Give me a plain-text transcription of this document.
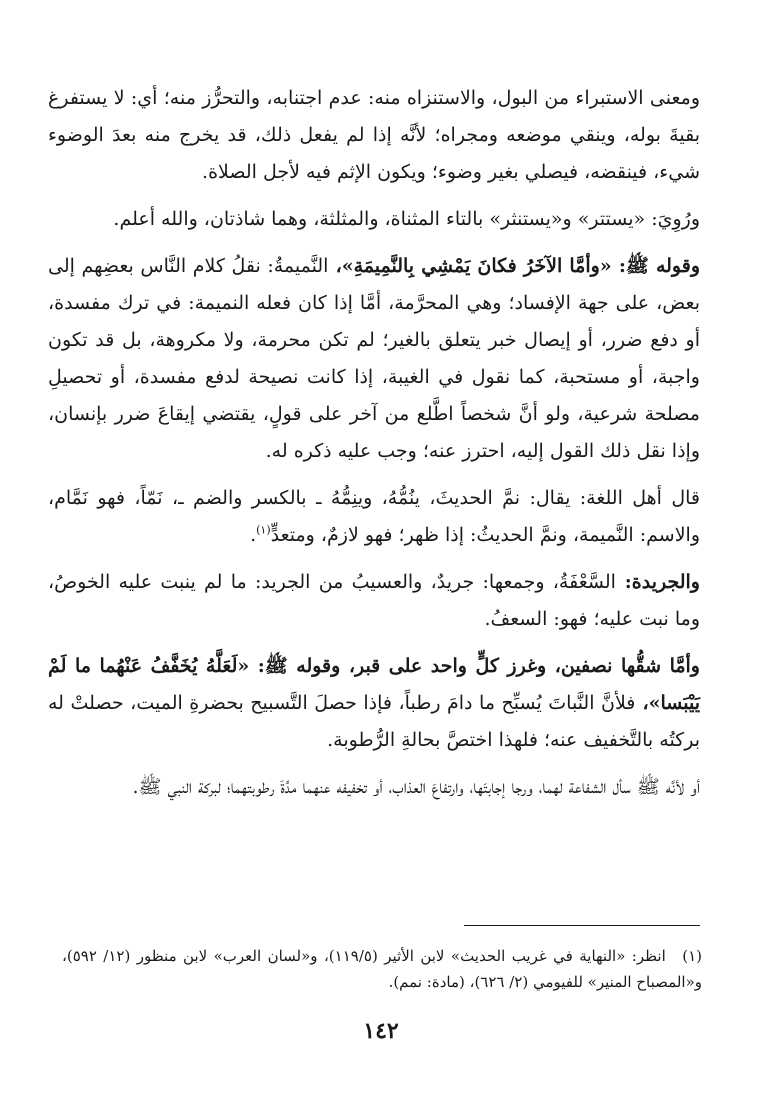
ومعنى الاستبراء من البول، والاستنزاه منه: عدم اجتنابه، والتحرُّز منه؛ أي: لا يستفرغ بقيةَ بوله، وينقي موضعه ومجراه؛ لأنَّه إذا لم يفعل ذلك، قد يخرج منه بعدَ الوضوء شيء، فينقضه، فيصلي بغير وضوء؛ ويكون الإثم فيه لأجل الصلاة.

ورُوِيَ: «يستتر» و«يستنثر» بالتاء المثناة، والمثلثة، وهما شاذتان، والله أعلم.

وقوله ﷺ: «وأمَّا الآخَرُ فكانَ يَمْشِي بِالنَّمِيمَةِ»، النَّميمةُ: نقلُ كلام النَّاس بعضِهم إلى بعض، على جهة الإفساد؛ وهي المحرَّمة، أمَّا إذا كان فعله النميمة: في ترك مفسدة، أو دفع ضرر، أو إيصال خبر يتعلق بالغير؛ لم تكن محرمة، ولا مكروهة، بل قد تكون واجبة، أو مستحبة، كما نقول في الغيبة، إذا كانت نصيحة لدفع مفسدة، أو تحصيلِ مصلحة شرعية، ولو أنَّ شخصاً اطَّلع من آخر على قولٍ، يقتضي إيقاعَ ضرر بإنسان، وإذا نقل ذلك القول إليه، احترز عنه؛ وجب عليه ذكره له.

قال أهل اللغة: يقال: نمَّ الحديثَ، ينُمُّهُ، وينِمُّهُ ـ بالكسر والضم ـ، نَمّاً، فهو نَمَّام، والاسم: النَّميمة، ونمَّ الحديثُ: إذا ظهر؛ فهو لازمٌ، ومتعدٍّ$^{(١)}$.

والجريدة: السَّعْفَةُ، وجمعها: جريدٌ، والعسيبُ من الجريد: ما لم ينبت عليه الخوصُ، وما نبت عليه؛ فهو: السعفُ.

وأمَّا شقُّها نصفين، وغرز كلٍّ واحد على قبر، وقوله ﷺ: «لَعَلَّهُ يُخَفَّفُ عَنْهُما ما لَمْ يَيْبَسا»، فلأنَّ النَّباتَ يُسبِّح ما دامَ رطباً، فإذا حصلَ التَّسبيح بحضرةِ الميت، حصلتْ له بركتُه بالتَّخفيف عنه؛ فلهذا اختصَّ بحالةِ الرُّطوبة.

أو لأنَّه ﷺ سأل الشفاعة لهما، ورجا إجابتَها، وارتفاعَ العذاب، أو تخفيفه عنهما مدَّةَ رطوبتهما؛ لبركة النبي ﷺ.

(١) انظر: «النهاية في غريب الحديث» لابن الأثير (١١٩/٥)، و«لسان العرب» لابن منظور (١٢/ ٥٩٢)، و«المصباح المنير» للفيومي (٢/ ٦٢٦)، (مادة: نمم).
١٤٢
